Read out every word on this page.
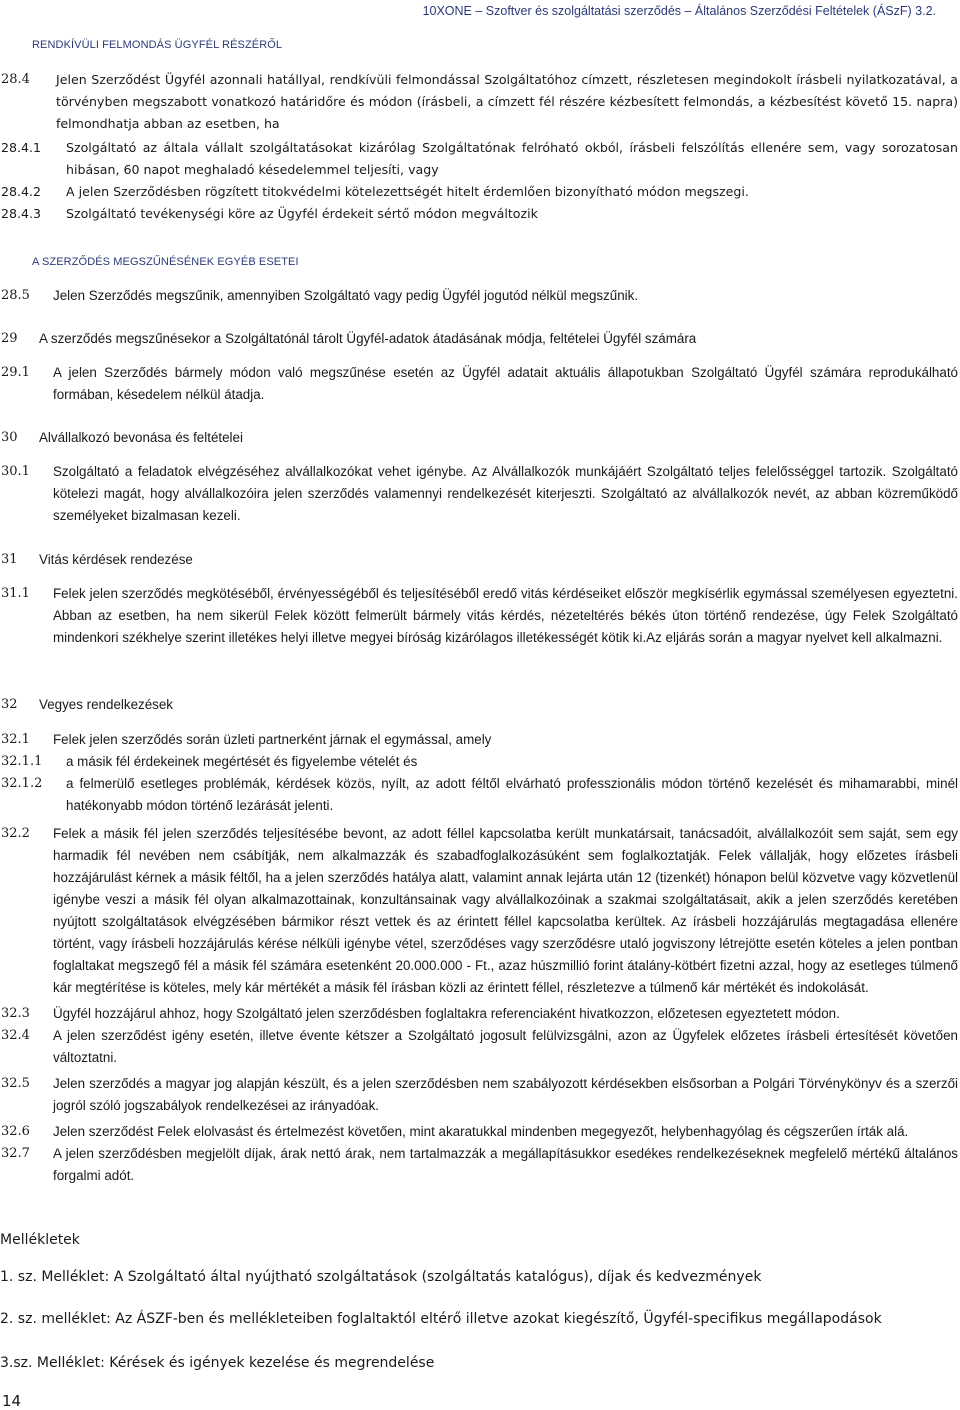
10XONE – Szoftver és szolgáltatási szerződés – Általános Szerződési Feltételek (ÁSzF) 3.2.
RENDKÍVÜLI FELMONDÁS ÜGYFÉL RÉSZÉRŐL
28.4	Jelen Szerződést Ügyfél azonnali hatállyal, rendkívüli felmondással Szolgáltatóhoz címzett, részletesen megindokolt írásbeli nyilatkozatával, a törvényben megszabott vonatkozó határidőre és módon (írásbeli, a címzett fél részére kézbesített felmondás, a kézbesítést követő 15. napra) felmondhatja abban az esetben, ha
28.4.1	Szolgáltató az általa vállalt szolgáltatásokat kizárólag Szolgáltatónak felróható okból, írásbeli felszólítás ellenére sem, vagy sorozatosan hibásan, 60 napot meghaladó késedelemmel teljesíti, vagy
28.4.2	A jelen Szerződésben rögzített titokvédelmi kötelezettségét hitelt érdemlően bizonyítható módon megszegi.
28.4.3	Szolgáltató tevékenységi köre az Ügyfél érdekeit sértő módon megváltozik
A SZERZŐDÉS MEGSZŰNÉSÉNEK EGYÉB ESETEI
28.5	Jelen Szerződés megszűnik, amennyiben Szolgáltató vagy pedig Ügyfél jogutód nélkül megszűnik.
29	A szerződés megszűnésekor a Szolgáltatónál tárolt Ügyfél-adatok átadásának módja, feltételei Ügyfél számára
29.1	A jelen Szerződés bármely módon való megszűnése esetén az Ügyfél adatait aktuális állapotukban Szolgáltató Ügyfél számára reprodukálható formában, késedelem nélkül átadja.
30	Alvállalkozó bevonása és feltételei
30.1	Szolgáltató a feladatok elvégzéséhez alvállalkozókat vehet igénybe. Az Alvállalkozók munkájáért Szolgáltató teljes felelősséggel tartozik. Szolgáltató kötelezi magát, hogy alvállalkozóira jelen szerződés valamennyi rendelkezését kiterjeszti. Szolgáltató az alvállalkozók nevét, az abban közreműködő személyeket bizalmasan kezeli.
31	Vitás kérdések rendezése
31.1	Felek jelen szerződés megkötéséből, érvényességéből és teljesítéséből eredő vitás kérdéseiket először megkísérlik egymással személyesen egyeztetni. Abban az esetben, ha nem sikerül Felek között felmerült bármely vitás kérdés, nézeteltérés békés úton történő rendezése, úgy Felek Szolgáltató mindenkori székhelye szerint illetékes helyi illetve megyei bíróság kizárólagos illetékességét kötik ki.Az eljárás során a magyar nyelvet kell alkalmazni.
32	Vegyes rendelkezések
32.1	Felek jelen szerződés során üzleti partnerként járnak el egymással, amely
32.1.1	a másik fél érdekeinek megértését és figyelembe vételét és
32.1.2	a felmerülő esetleges problémák, kérdések közös, nyílt, az adott féltől elvárható professzionális módon történő kezelését és mihamarabbi, minél hatékonyabb módon történő lezárását jelenti.
32.2	Felek a másik fél jelen szerződés teljesítésébe bevont, az adott féllel kapcsolatba került munkatársait, tanácsadóit, alvállalkozóit sem saját, sem egy harmadik fél nevében nem csábítják, nem alkalmazzák és szabadfoglalkozásúként sem foglalkoztatják. Felek vállalják, hogy előzetes írásbeli hozzájárulást kérnek a másik féltől, ha a jelen szerződés hatálya alatt, valamint annak lejárta után 12 (tizenkét) hónapon belül közvetve vagy közvetlenül igénybe veszi a másik fél olyan alkalmazottainak, konzultánsainak vagy alvállalkozóinak a szakmai szolgáltatásait, akik a jelen szerződés keretében nyújtott szolgáltatások elvégzésében bármikor részt vettek és az érintett féllel kapcsolatba kerültek. Az írásbeli hozzájárulás megtagadása ellenére történt, vagy írásbeli hozzájárulás kérése nélküli igénybe vétel, szerződéses vagy szerződésre utaló jogviszony létrejötte esetén köteles a jelen pontban foglaltakat megszegő fél a másik fél számára esetenként 20.000.000 - Ft., azaz húszmillió forint átalány-kötbért fizetni azzal, hogy az esetleges túlmenő kár megtérítése is köteles, mely kár mértékét a másik fél írásban közli az érintett féllel, részletezve a túlmenő kár mértékét és indokolását.
32.3	Ügyfél hozzájárul ahhoz, hogy Szolgáltató jelen szerződésben foglaltakra referenciaként hivatkozzon, előzetesen egyeztetett módon.
32.4	A jelen szerződést igény esetén, illetve évente kétszer a Szolgáltató jogosult felülvizsgálni, azon az Ügyfelek előzetes írásbeli értesítését követően változtatni.
32.5	Jelen szerződés a magyar jog alapján készült, és a jelen szerződésben nem szabályozott kérdésekben elsősorban a Polgári Törvénykönyv és a szerzői jogról szóló jogszabályok rendelkezései az irányadóak.
32.6	Jelen szerződést Felek elolvasást és értelmezést követően, mint akaratukkal mindenben megegyezőt, helybenhagyólag és cégszerűen írták alá.
32.7	A jelen szerződésben megjelölt díjak, árak nettó árak, nem tartalmazzák a megállapításukkor esedékes rendelkezéseknek megfelelő mértékű általános forgalmi adót.
Mellékletek
1. sz. Melléklet: A Szolgáltató által nyújtható szolgáltatások (szolgáltatás katalógus), díjak és kedvezmények
2. sz. melléklet: Az ÁSZF-ben és mellékleteiben foglaltaktól eltérő illetve azokat kiegészítő, Ügyfél-specifikus megállapodások
3.sz. Melléklet: Kérések és igények kezelése és megrendelése
14
